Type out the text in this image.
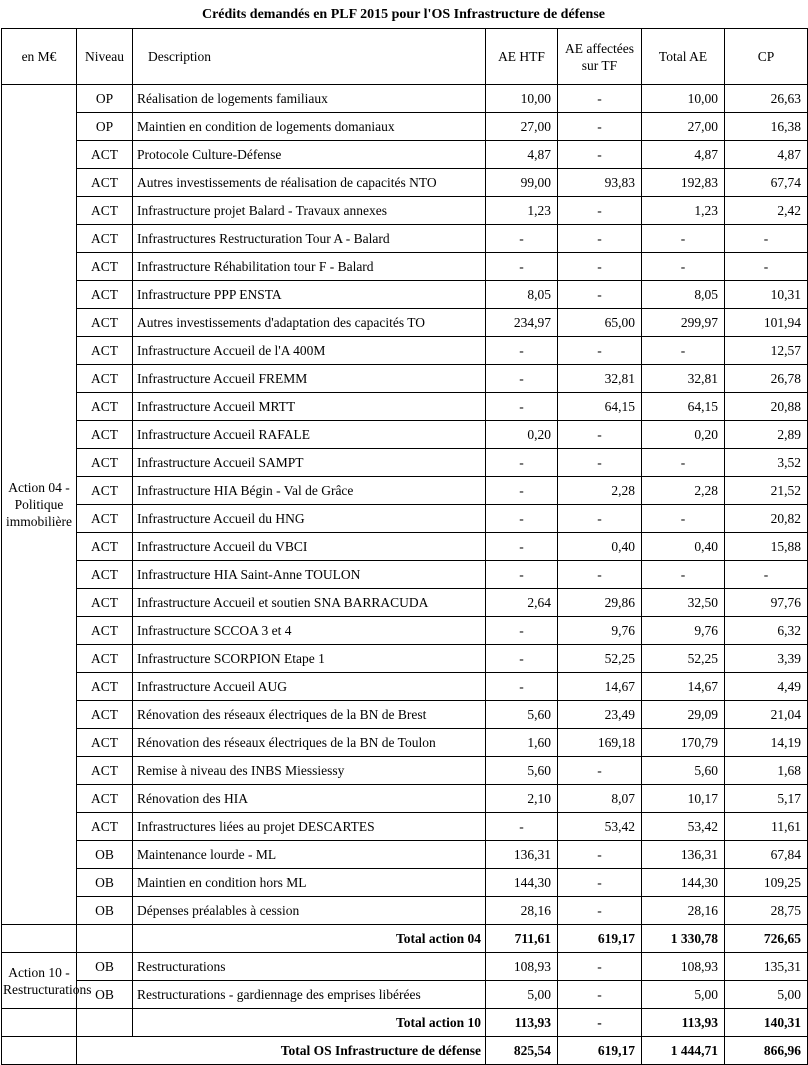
Crédits demandés en PLF 2015 pour l'OS Infrastructure de défense
en M€	Niveau	Description	AE HTF	AE affectées sur TF	Total AE	CP
Action 04 - Politique immobilière	OP	Réalisation de logements familiaux	10,00	-	10,00	26,63
	OP	Maintien en condition de logements domaniaux	27,00	-	27,00	16,38
	ACT	Protocole Culture-Défense	4,87	-	4,87	4,87
	ACT	Autres investissements de réalisation de capacités NTO	99,00	93,83	192,83	67,74
	ACT	Infrastructure projet Balard - Travaux annexes	1,23	-	1,23	2,42
	ACT	Infrastructures Restructuration Tour A - Balard	-	-	-	-
	ACT	Infrastructure Réhabilitation tour F - Balard	-	-	-	-
	ACT	Infrastructure PPP ENSTA	8,05	-	8,05	10,31
	ACT	Autres investissements d'adaptation des capacités TO	234,97	65,00	299,97	101,94
	ACT	Infrastructure Accueil de l'A 400M	-	-	-	12,57
	ACT	Infrastructure Accueil FREMM	-	32,81	32,81	26,78
	ACT	Infrastructure Accueil MRTT	-	64,15	64,15	20,88
	ACT	Infrastructure Accueil RAFALE	0,20	-	0,20	2,89
	ACT	Infrastructure Accueil SAMPT	-	-	-	3,52
	ACT	Infrastructure HIA Bégin - Val de Grâce	-	2,28	2,28	21,52
	ACT	Infrastructure Accueil du HNG	-	-	-	20,82
	ACT	Infrastructure Accueil du VBCI	-	0,40	0,40	15,88
	ACT	Infrastructure HIA Saint-Anne TOULON	-	-	-	-
	ACT	Infrastructure Accueil et soutien SNA BARRACUDA	2,64	29,86	32,50	97,76
	ACT	Infrastructure SCCOA 3 et 4	-	9,76	9,76	6,32
	ACT	Infrastructure SCORPION Etape 1	-	52,25	52,25	3,39
	ACT	Infrastructure Accueil AUG	-	14,67	14,67	4,49
	ACT	Rénovation des réseaux électriques de la BN de Brest	5,60	23,49	29,09	21,04
	ACT	Rénovation des réseaux électriques de la BN de Toulon	1,60	169,18	170,79	14,19
	ACT	Remise à niveau des INBS Miessiessy	5,60	-	5,60	1,68
	ACT	Rénovation des HIA	2,10	8,07	10,17	5,17
	ACT	Infrastructures liées au projet DESCARTES	-	53,42	53,42	11,61
	OB	Maintenance lourde - ML	136,31	-	136,31	67,84
	OB	Maintien en condition hors ML	144,30	-	144,30	109,25
	OB	Dépenses préalables à cession	28,16	-	28,16	28,75
		Total action 04	711,61	619,17	1 330,78	726,65
Action 10 - Restructurations	OB	Restructurations	108,93	-	108,93	135,31
	OB	Restructurations - gardiennage des emprises libérées	5,00	-	5,00	5,00
		Total action 10	113,93	-	113,93	140,31
	Total OS Infrastructure de défense		825,54	619,17	1 444,71	866,96
